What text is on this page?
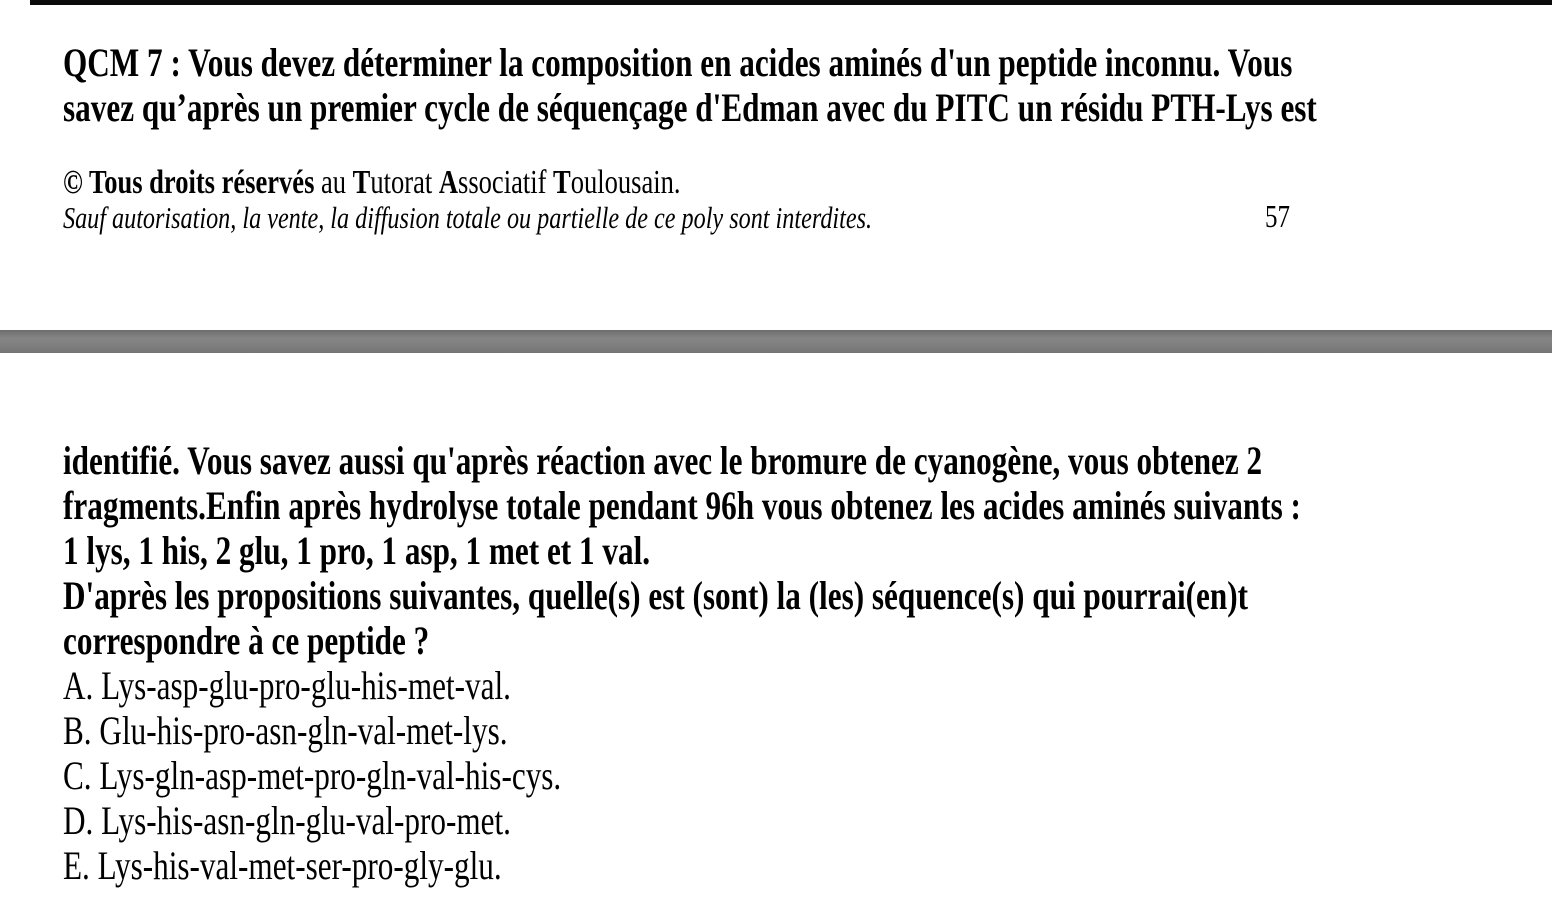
QCM 7 : Vous devez déterminer la composition en acides aminés d'un peptide inconnu. Vous
savez qu’après un premier cycle de séquençage d'Edman avec du PITC un résidu PTH-Lys est
© Tous droits réservés au Tutorat Associatif Toulousain.
Sauf autorisation, la vente, la diffusion totale ou partielle de ce poly sont interdites.	57
identifié. Vous savez aussi qu'après réaction avec le bromure de cyanogène, vous obtenez 2
fragments.Enfin après hydrolyse totale pendant 96h vous obtenez les acides aminés suivants :
1 lys, 1 his, 2 glu, 1 pro, 1 asp, 1 met et 1 val.
D'après les propositions suivantes, quelle(s) est (sont) la (les) séquence(s) qui pourrai(en)t
correspondre à ce peptide ?
A. Lys-asp-glu-pro-glu-his-met-val.
B. Glu-his-pro-asn-gln-val-met-lys.
C. Lys-gln-asp-met-pro-gln-val-his-cys.
D. Lys-his-asn-gln-glu-val-pro-met.
E. Lys-his-val-met-ser-pro-gly-glu.
